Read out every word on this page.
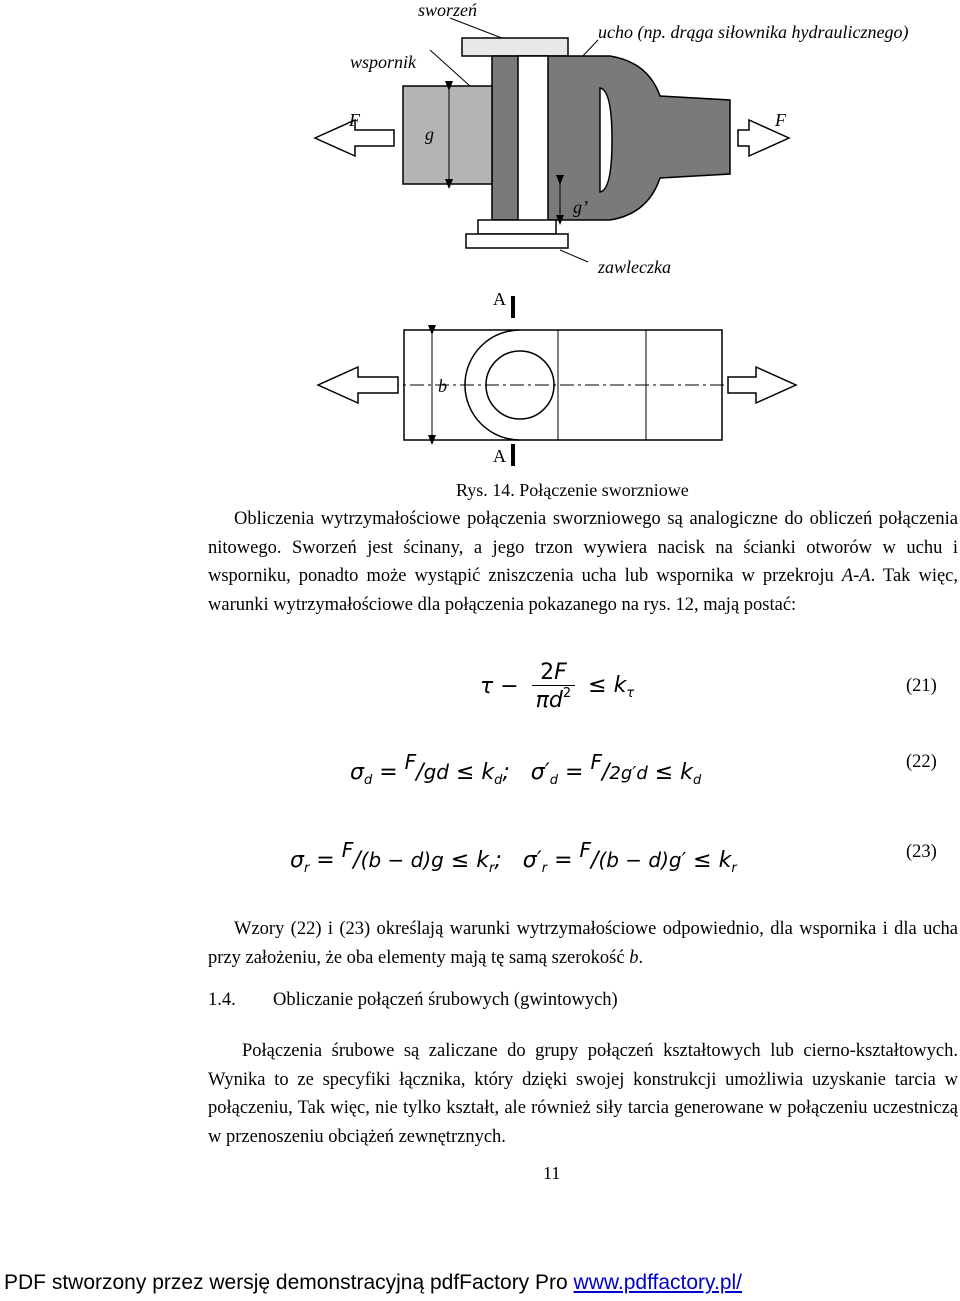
sworzeń
ucho (np. drąga siłownika hydraulicznego)
wspornik
F	F
g
g’
zawleczka
A
A
b
Rys. 14. Połączenie sworzniowe

Obliczenia wytrzymałościowe połączenia sworzniowego są analogiczne do obliczeń połączenia nitowego. Sworzeń jest ścinany, a jego trzon wywiera nacisk na ścianki otworów w uchu i wsporniku, ponadto może wystąpić zniszczenia ucha lub wspornika w przekroju A-A. Tak więc, warunki wytrzymałościowe dla połączenia pokazanego na rys. 12, mają postać:

$\tau - \frac{2F}{\pi d^2} \le k_\tau$	(21)
$\sigma_d = F/gd \le k_d$;   $\sigma'_d = F/2g'd \le k_d$
(22)
$\sigma_r = F/(b - d)g \le k_r$;   $\sigma'_r = F/(b - d)g' \le k_r$
(23)

Wzory (22) i (23) określają warunki wytrzymałościowe odpowiednio, dla wspornika i dla ucha przy założeniu, że oba elementy mają tę samą szerokość b.

1.4. Obliczanie połączeń śrubowych (gwintowych)

Połączenia śrubowe są zaliczane do grupy połączeń kształtowych lub cierno-kształtowych. Wynika to ze specyfiki łącznika, który dzięki swojej konstrukcji umożliwia uzyskanie tarcia w połączeniu, Tak więc, nie tylko kształt, ale również siły tarcia generowane w połączeniu uczestniczą w przenoszeniu obciążeń zewnętrznych.

11
PDF stworzony przez wersję demonstracyjną pdfFactory Pro www.pdffactory.pl/
